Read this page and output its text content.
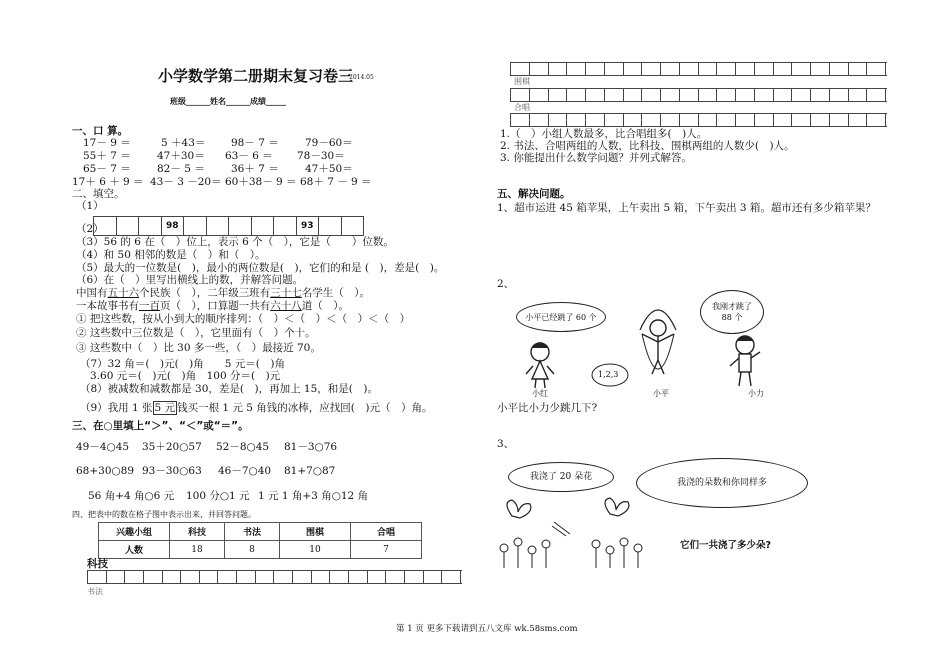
小学数学第二册期末复习卷三
2014.05
班级______姓名______成绩_____
一、口 算。
17－ 9 ＝	5 ＋43＝ 98－ 7 ＝	79－60＝
55＋ 7 ＝	47＋30＝ 63－ 6 ＝ 78－30＝
65－ 7 ＝	82－ 5 ＝	36＋ 7 ＝	47＋50＝
17＋ 6 ＋ 9 ＝ 43－ 3 －20＝ 60＋38－ 9 ＝ 68＋ 7 － 9 ＝
二、填空。
（1）
（2）	98	93
（3）56 的 6 在（　）位上，表示 6 个（　），它是（　　）位数。
（4）和 50 相邻的数是（　）和（　）。
（5）最大的一位数是(　)，最小的两位数是(　)，它们的和是 (　)，差是(　)。
（6）在（　）里写出横线上的数，并解答问题。
中国有五十六个民族（　），二年级三班有三十七名学生（　）。
一本故事书有一百页（　），口算题一共有六十八道（　）。
① 把这些数，按从小到大的顺序排列：（　）＜（　）＜（　）＜（　）
② 这些数中三位数是（　），它里面有（　）个十。
③ 这些数中（　）比 30 多一些，（　）最接近 70。
（7）32 角＝(　)元(　)角　　5 元＝(　)角
3.60 元＝(　)元(　)角　100 分＝(　)元
（8）被减数和减数都是 30，差是(　)，再加上 15，和是(　)。
（9）我用 1 张 5 元 钱买一根 1 元 5 角钱的冰棒，应找回(　)元（　）角。
三、在○里填上“＞”、“＜”或“＝”。
49－4○45 35＋20○57 52－8○45 81－3○76
68+30○89 93－30○63 46－7○40 81+7○87
56 角+4 角○6 元 100 分○1 元 1 元 1 角+3 角○12 角
四、把表中的数在格子图中表示出来，并回答问题。
兴趣小组	科技	书法	围棋	合唱
人数	18	8	10	7
科技
书法
围棋
合唱
1.（　）小组人数最多，比合唱组多(　)人。
2. 书法、合唱两组的人数，比科技、围棋两组的人数少(　)人。
3. 你能提出什么数学问题？并列式解答。
五、解决问题。
1、超市运进 45 箱苹果，上午卖出 5 箱，下午卖出 3 箱。超市还有多少箱苹果？
2、
小平已经跳了 60 个
我刚才跳了 88 个
1,2,3
小红	小平	小力
小平比小力少跳几下?
3、
我浇了 20 朵花
我浇的朵数和你同样多
它们一共浇了多少朵?
第 1 页 更多下载请到五八文库 wk.58sms.com
